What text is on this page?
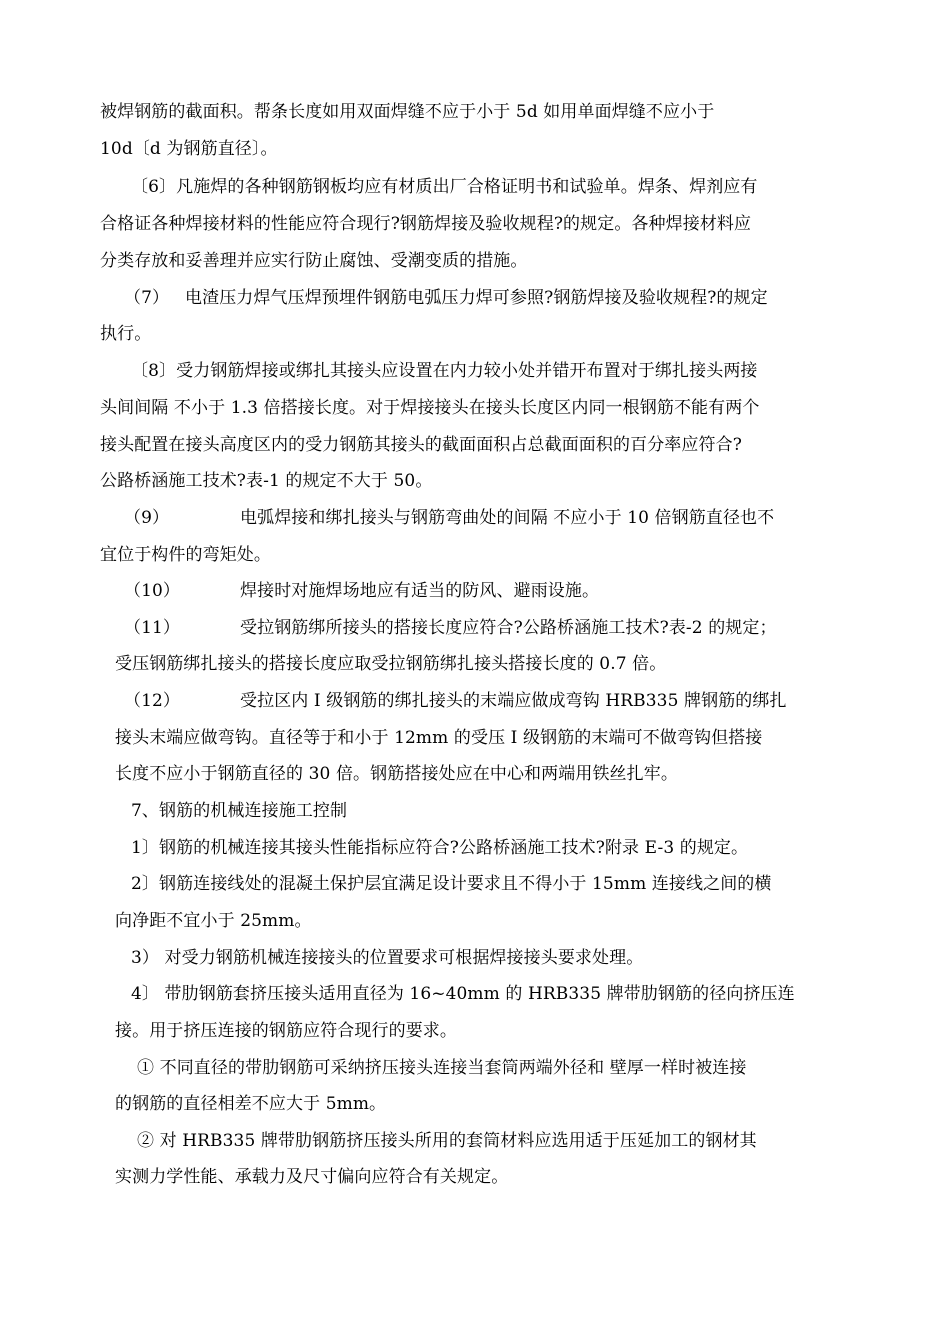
被焊钢筋的截面积。帮条长度如用双面焊缝不应于小于 5d 如用单面焊缝不应小于
10d〔d 为钢筋直径〕。
〔6〕凡施焊的各种钢筋钢板均应有材质出厂合格证明书和试验单。焊条、焊剂应有
合格证各种焊接材料的性能应符合现行?钢筋焊接及验收规程?的规定。各种焊接材料应
分类存放和妥善理并应实行防止腐蚀、受潮变质的措施。
（7） 电渣压力焊气压焊预埋件钢筋电弧压力焊可参照?钢筋焊接及验收规程?的规定
执行。
〔8〕受力钢筋焊接或绑扎其接头应设置在内力较小处并错开布置对于绑扎接头两接
头间间隔 不小于 1.3 倍搭接长度。对于焊接接头在接头长度区内同一根钢筋不能有两个
接头配置在接头高度区内的受力钢筋其接头的截面面积占总截面面积的百分率应符合?
公路桥涵施工技术?表-1 的规定不大于 50。
（9）	电弧焊接和绑扎接头与钢筋弯曲处的间隔 不应小于 10 倍钢筋直径也不
宜位于构件的弯矩处。
（10）	焊接时对施焊场地应有适当的防风、避雨设施。
（11）	受拉钢筋绑所接头的搭接长度应符合?公路桥涵施工技术?表-2 的规定；
受压钢筋绑扎接头的搭接长度应取受拉钢筋绑扎接头搭接长度的 0.7 倍。
（12）	受拉区内 I 级钢筋的绑扎接头的末端应做成弯钩 HRB335 牌钢筋的绑扎
接头末端应做弯钩。直径等于和小于 12mm 的受压 I 级钢筋的末端可不做弯钩但搭接
长度不应小于钢筋直径的 30 倍。钢筋搭接处应在中心和两端用铁丝扎牢。
7、钢筋的机械连接施工控制
1〕钢筋的机械连接其接头性能指标应符合?公路桥涵施工技术?附录 E-3 的规定。
2〕钢筋连接线处的混凝土保护层宜满足设计要求且不得小于 15mm 连接线之间的横
向净距不宜小于 25mm。
3） 对受力钢筋机械连接接头的位置要求可根据焊接接头要求处理。
4〕 带肋钢筋套挤压接头适用直径为 16~40mm 的 HRB335 牌带肋钢筋的径向挤压连
接。用于挤压连接的钢筋应符合现行的要求。
① 不同直径的带肋钢筋可采纳挤压接头连接当套筒两端外径和 壁厚一样时被连接
的钢筋的直径相差不应大于 5mm。
② 对 HRB335 牌带肋钢筋挤压接头所用的套筒材料应选用适于压延加工的钢材其
实测力学性能、承载力及尺寸偏向应符合有关规定。
